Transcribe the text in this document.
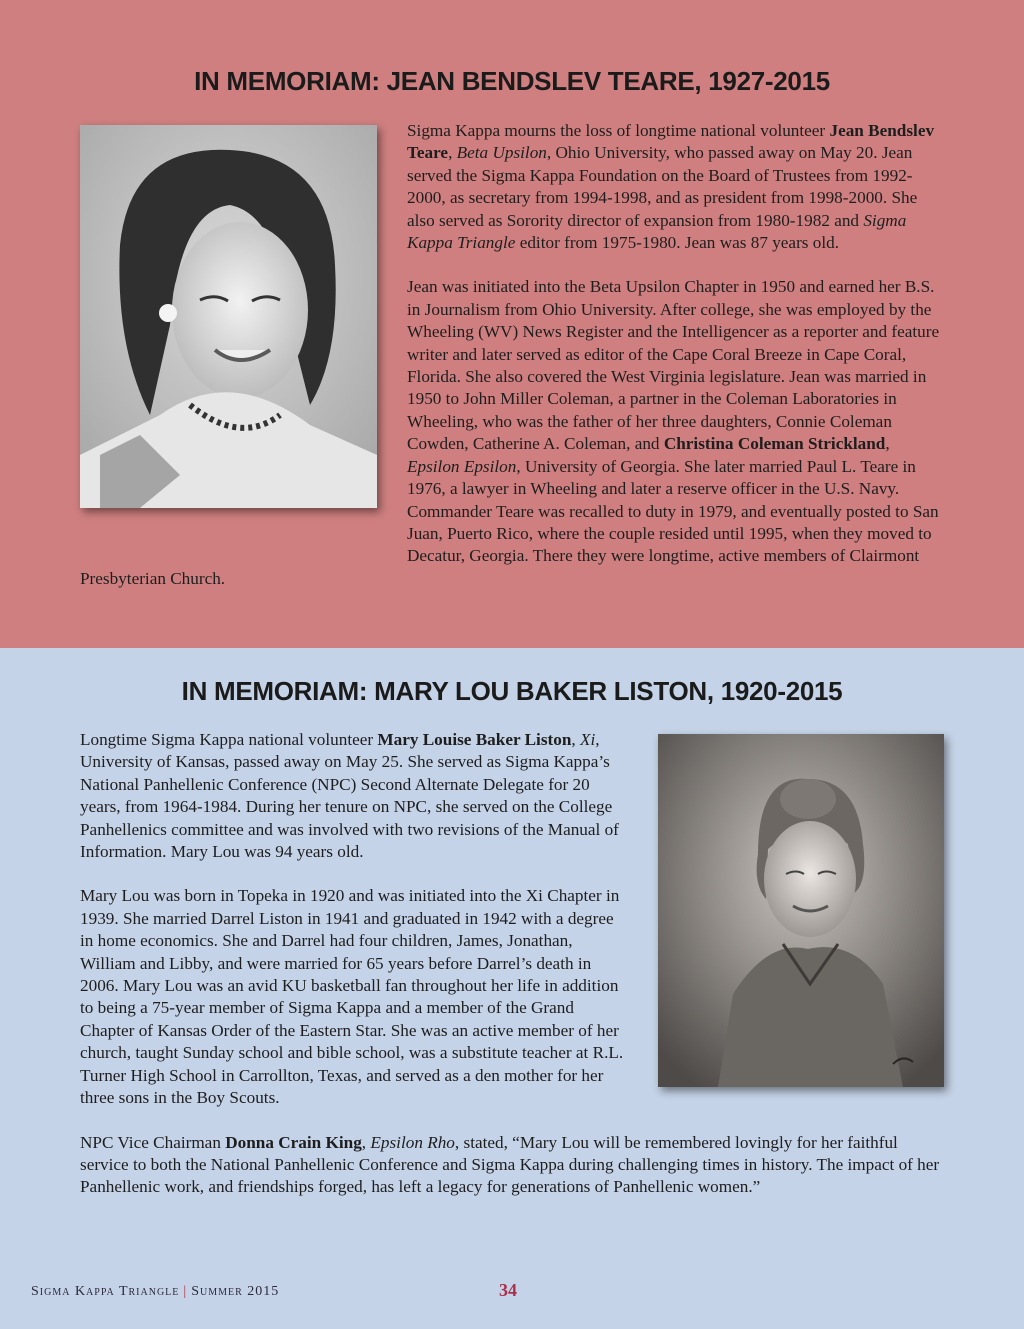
IN MEMORIAM: JEAN BENDSLEV TEARE, 1927-2015

Sigma Kappa mourns the loss of longtime national volunteer Jean Bendslev Teare, Beta Upsilon, Ohio University, who passed away on May 20. Jean served the Sigma Kappa Foundation on the Board of Trustees from 1992-2000, as secretary from 1994-1998, and as president from 1998-2000. She also served as Sorority director of expansion from 1980-1982 and Sigma Kappa Triangle editor from 1975-1980. Jean was 87 years old.

Jean was initiated into the Beta Upsilon Chapter in 1950 and earned her B.S. in Journalism from Ohio University. After college, she was employed by the Wheeling (WV) News Register and the Intelligencer as a reporter and feature writer and later served as editor of the Cape Coral Breeze in Cape Coral, Florida. She also covered the West Virginia legislature. Jean was married in 1950 to John Miller Coleman, a partner in the Coleman Laboratories in Wheeling, who was the father of her three daughters, Connie Coleman Cowden, Catherine A. Coleman, and Christina Coleman Strickland, Epsilon Epsilon, University of Georgia. She later married Paul L. Teare in 1976, a lawyer in Wheeling and later a reserve officer in the U.S. Navy. Commander Teare was recalled to duty in 1979, and eventually posted to San Juan, Puerto Rico, where the couple resided until 1995, when they moved to Decatur, Georgia. There they were longtime, active members of Clairmont Presbyterian Church.

IN MEMORIAM: MARY LOU BAKER LISTON, 1920-2015

Longtime Sigma Kappa national volunteer Mary Louise Baker Liston, Xi, University of Kansas, passed away on May 25. She served as Sigma Kappa’s National Panhellenic Conference (NPC) Second Alternate Delegate for 20 years, from 1964-1984. During her tenure on NPC, she served on the College Panhellenics committee and was involved with two revisions of the Manual of Information. Mary Lou was 94 years old.

Mary Lou was born in Topeka in 1920 and was initiated into the Xi Chapter in 1939. She married Darrel Liston in 1941 and graduated in 1942 with a degree in home economics. She and Darrel had four children, James, Jonathan, William and Libby, and were married for 65 years before Darrel’s death in 2006. Mary Lou was an avid KU basketball fan throughout her life in addition to being a 75-year member of Sigma Kappa and a member of the Grand Chapter of Kansas Order of the Eastern Star. She was an active member of her church, taught Sunday school and bible school, was a substitute teacher at R.L. Turner High School in Carrollton, Texas, and served as a den mother for her three sons in the Boy Scouts.

NPC Vice Chairman Donna Crain King, Epsilon Rho, stated, “Mary Lou will be remembered lovingly for her faithful service to both the National Panhellenic Conference and Sigma Kappa during challenging times in history. The impact of her Panhellenic work, and friendships forged, has left a legacy for generations of Panhellenic women.”

Sigma Kappa Triangle | Summer 2015	34
